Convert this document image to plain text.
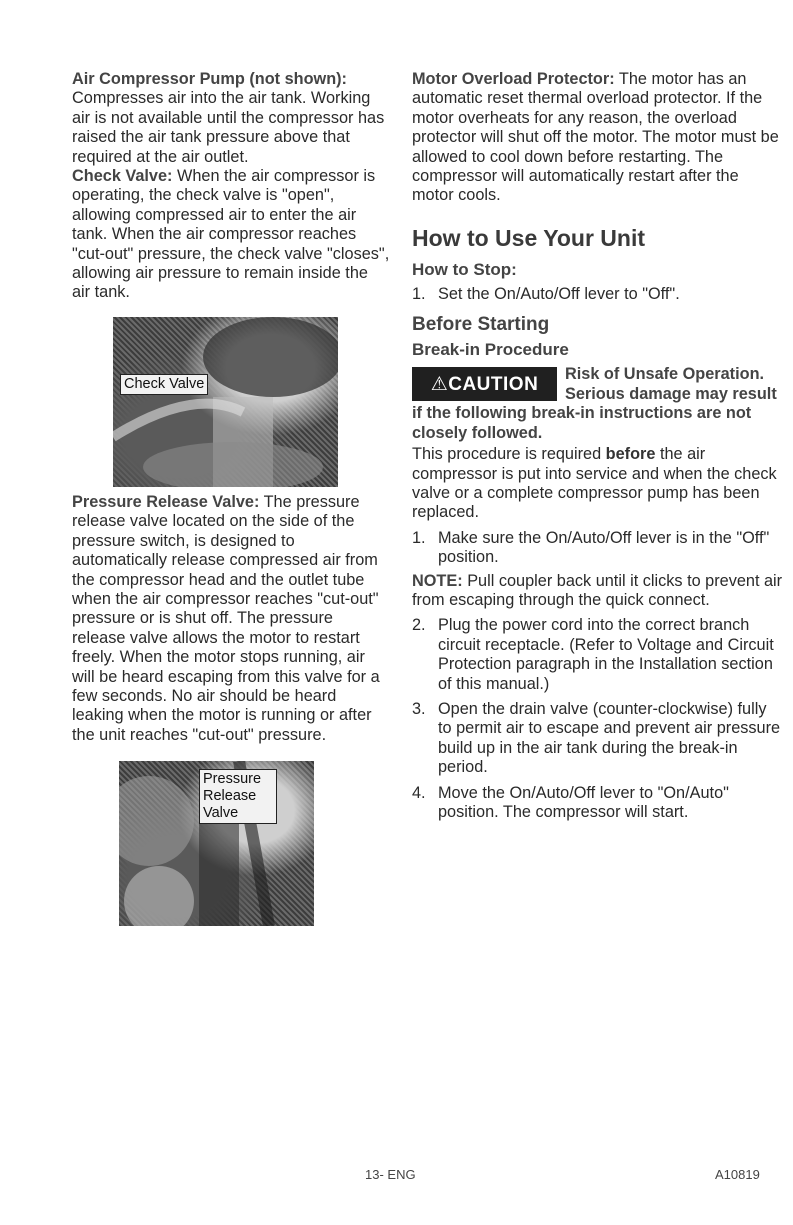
Air Compressor Pump (not shown): Compresses air into the air tank. Working air is not available until the compressor has raised the air tank pressure above that required at the air outlet.

Check Valve: When the air compressor is operating, the check valve is "open", allowing compressed air to enter the air tank. When the air compressor reaches "cut-out" pressure, the check valve "closes", allowing air pressure to remain inside the air tank.

Check Valve

Pressure Release Valve: The pressure release valve located on the side of the pressure switch, is designed to automatically release compressed air from the compressor head and the outlet tube when the air compressor reaches "cut-out" pressure or is shut off. The pressure release valve allows the motor to restart freely. When the motor stops running, air will be heard escaping from this valve for a few seconds. No air should be heard leaking when the motor is running or after the unit reaches "cut-out" pressure.

Pressure Release Valve

Motor Overload Protector: The motor has an automatic reset thermal overload protector. If the motor overheats for any reason, the overload protector will shut off the motor. The motor must be allowed to cool down before restarting. The compressor will automatically restart after the motor cools.

How to Use Your Unit
How to Stop:
1. Set the On/Auto/Off lever to "Off".
Before Starting
Break-in Procedure
⚠CAUTION	Risk of Unsafe Operation. Serious damage may result if the following break-in instructions are not closely followed.

This procedure is required before the air compressor is put into service and when the check valve or a complete compressor pump has been replaced.

1. Make sure the On/Auto/Off lever is in the "Off" position.

NOTE: Pull coupler back until it clicks to prevent air from escaping through the quick connect.

2. Plug the power cord into the correct branch circuit receptacle. (Refer to Voltage and Circuit Protection paragraph in the Installation section of this manual.)
3. Open the drain valve (counter-clockwise) fully to permit air to escape and prevent air pressure build up in the air tank during the break-in period.
4. Move the On/Auto/Off lever to "On/Auto" position. The compressor will start.
13- ENG	A10819
